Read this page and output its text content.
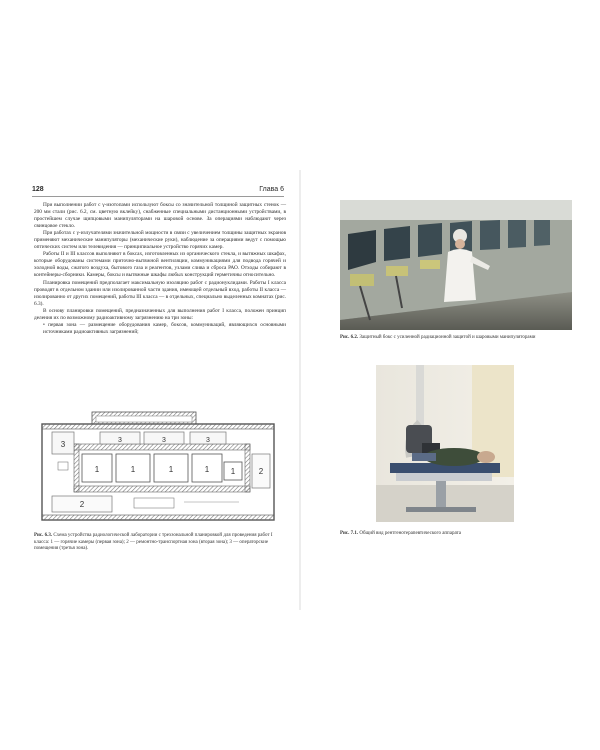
128	Глава 6

При выполнении работ с γ-изотопами используют боксы со значительной толщиной защитных стенок — 200 мм стали (рис. 6.2, см. цветную вклейку), снабженные специальными дистанционными устройствами, в простейшем случае щипцовыми манипуляторами на шаровой основе. За операциями наблюдают через свинцовое стекло.

При работах с γ-излучателями значительной мощности в связи с увеличением толщины защитных экранов применяют механические манипуляторы (механические руки), наблюдение за операциями ведут с помощью оптических систем или телевидения — принципиальное устройство горячих камер.

Работы II и III классов выполняют в боксах, изготовленных из органического стекла, и вытяжных шкафах, которые оборудованы системами приточно-вытяжной вентиляции, коммуникациями для подвода горячей и холодной воды, сжатого воздуха, бытового газа и реагентов, узлами слива и сброса РАО. Отходы собирают в контейнеры-сборники. Камеры, боксы и вытяжные шкафы любых конструкций герметичны относительно.

Планировка помещений предполагает максимальную изоляцию работ с радионуклидами. Работы I класса проводят в отдельном здании или изолированной части здания, имеющей отдельный вход, работы II класса — изолированно от других помещений, работы III класса — в отдельных, специально выделенных комнатах (рис. 6.3).

В основу планировки помещений, предназначенных для выполнения работ I класса, положен принцип деления их по возможному радиоактивному загрязнению на три зоны:

• первая зона — размещение оборудования камер, боксов, коммуникаций, являющихся основными источниками радиоактивных загрязнений;

3	3	3	3
1	1	1	1	1
2
2
Рис. 6.3. Схема устройства радиологической лаборатории с трехзональной планировкой для проведения работ I класса: 1 — горячие камеры (первая зона); 2 — ремонтно-транспортная зона (вторая зона); 3 — операторские помещения (третья зона).
Рис. 6.2. Защитный бокс с усиленной радиационной защитой и шаровыми манипуляторами
Рис. 7.1. Общий вид рентгенотерапевтического аппарата
